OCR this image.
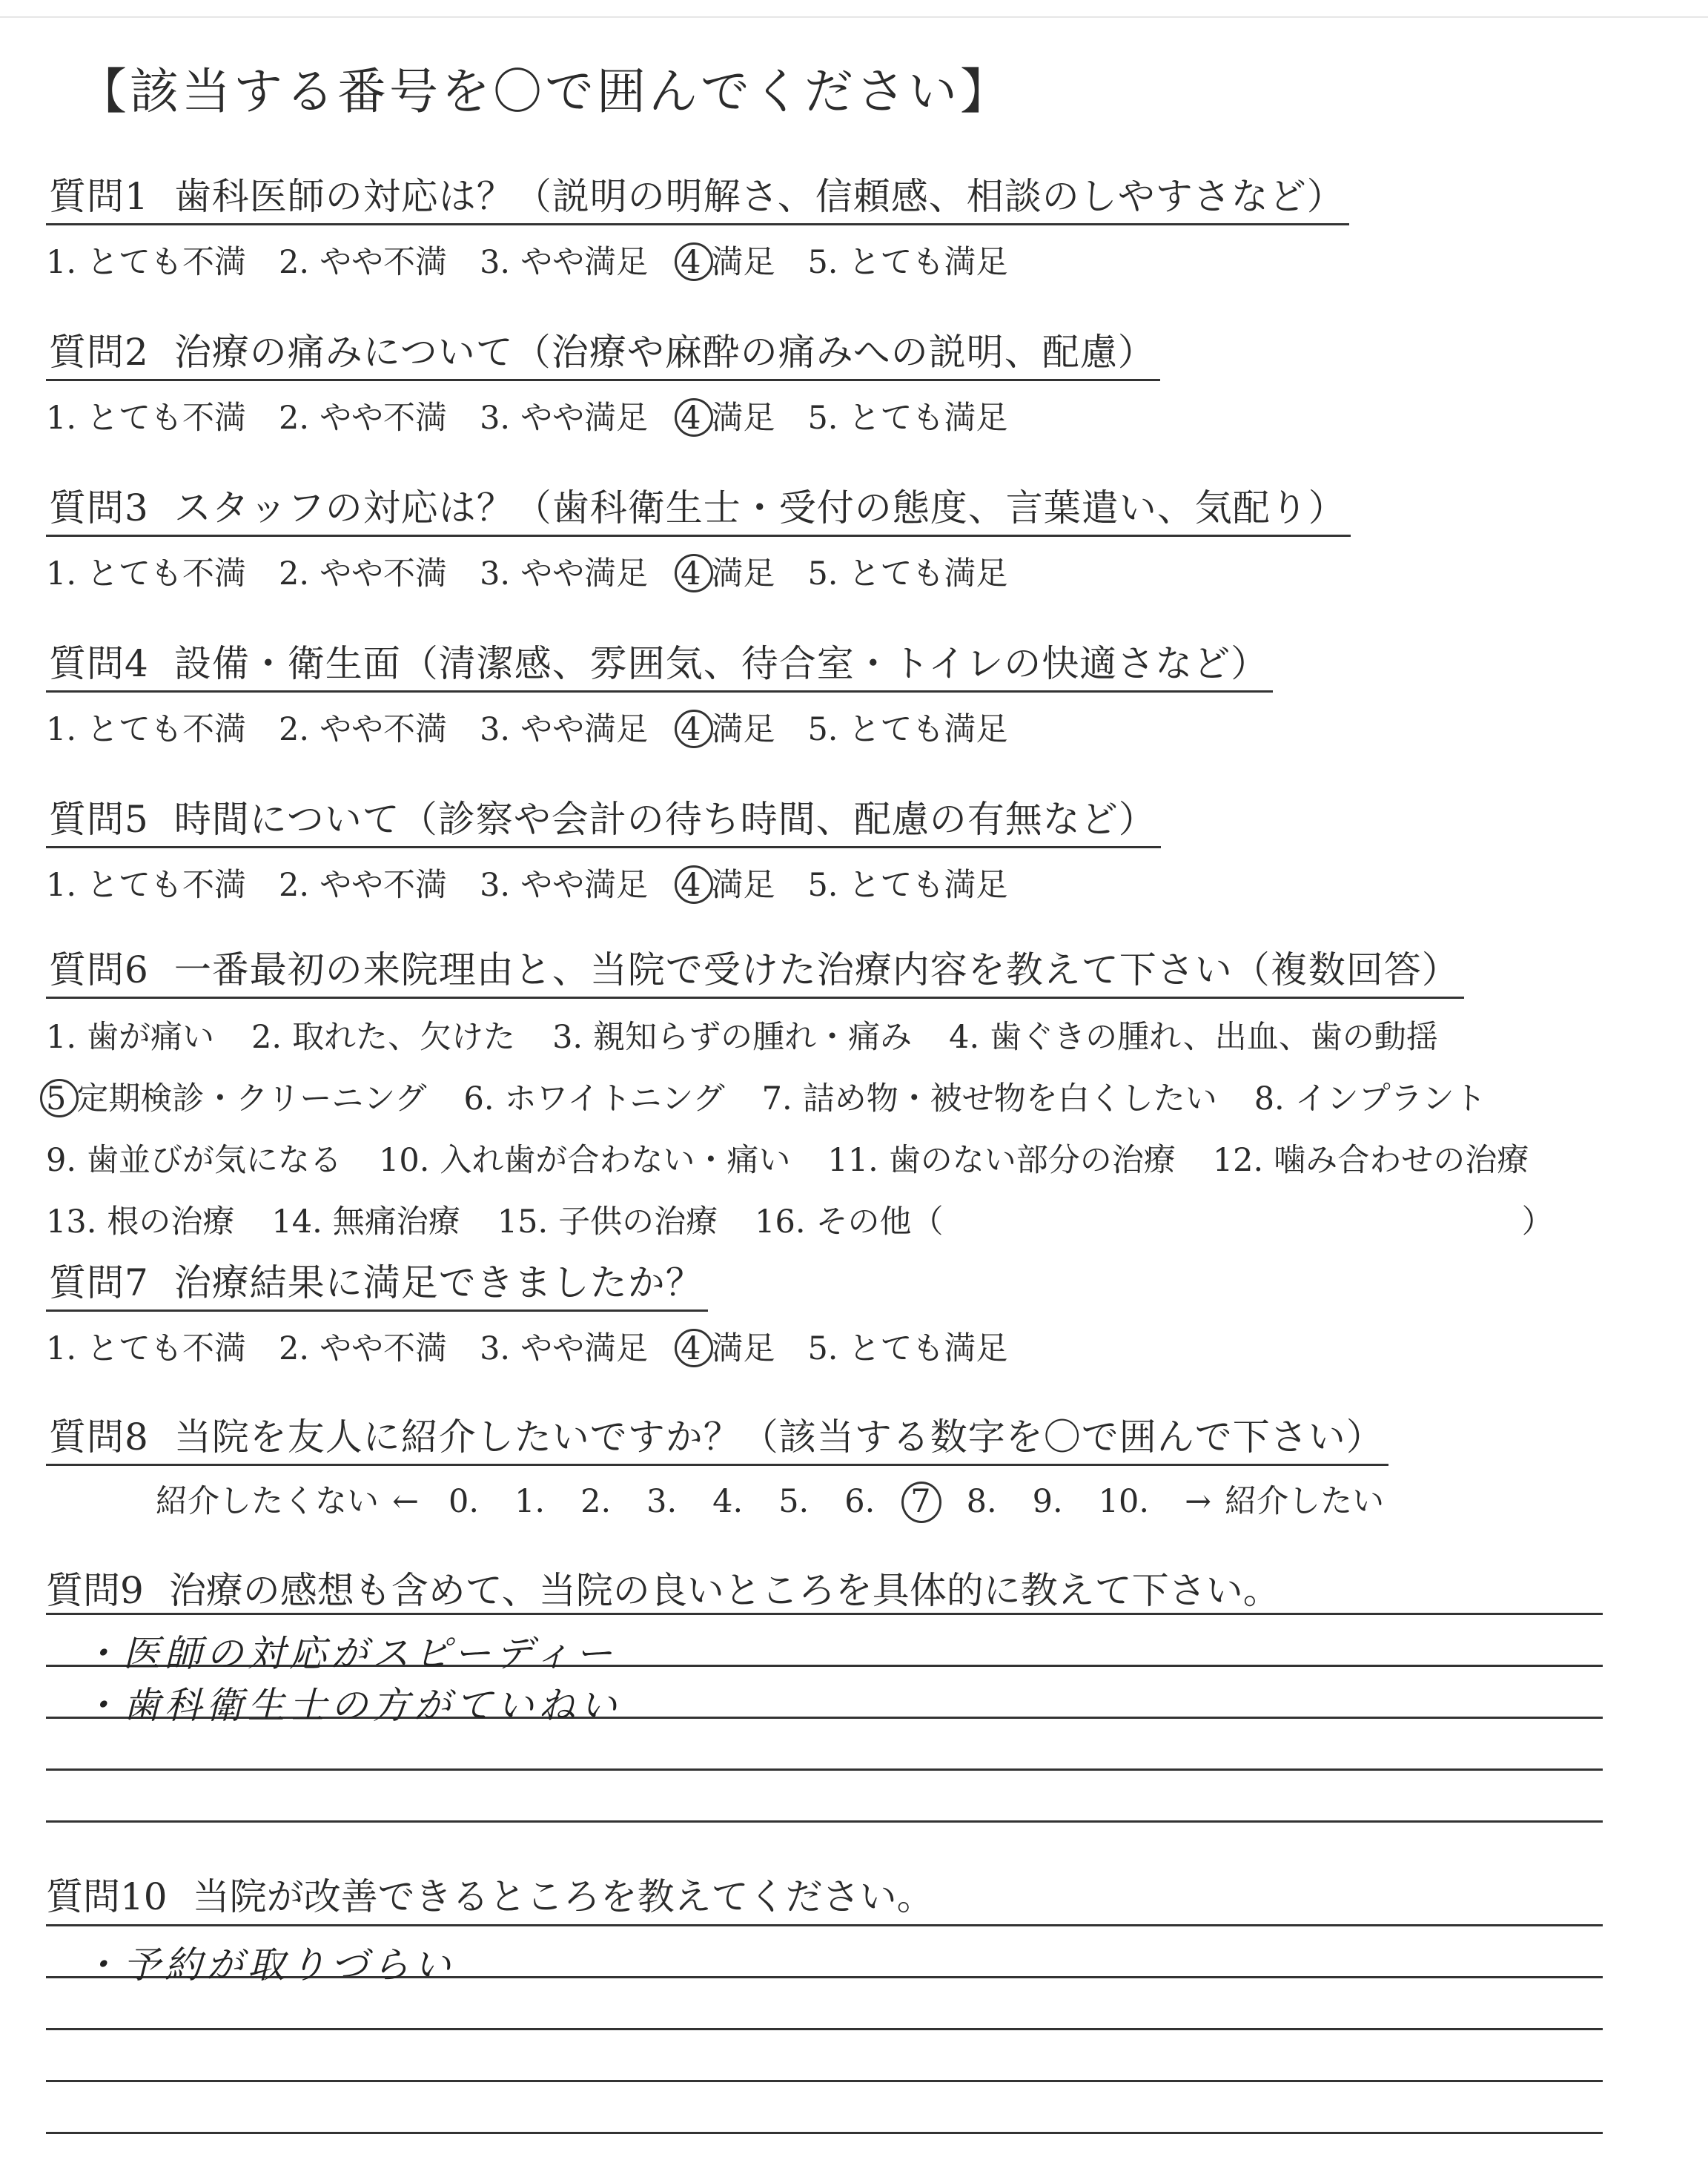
【該当する番号を〇で囲んでください】
質問1 歯科医師の対応は？（説明の明解さ、信頼感、相談のしやすさなど）
1. とても不満 2. やや不満 3. やや満足 4 満足 5. とても満足
質問2 治療の痛みについて（治療や麻酔の痛みへの説明、配慮）
1. とても不満 2. やや不満 3. やや満足 4 満足 5. とても満足
質問3 スタッフの対応は？（歯科衛生士・受付の態度、言葉遣い、気配り）
1. とても不満 2. やや不満 3. やや満足 4 満足 5. とても満足
質問4 設備・衛生面（清潔感、雰囲気、待合室・トイレの快適さなど）
1. とても不満 2. やや不満 3. やや満足 4 満足 5. とても満足
質問5 時間について（診察や会計の待ち時間、配慮の有無など）
1. とても不満 2. やや不満 3. やや満足 4 満足 5. とても満足
質問6 一番最初の来院理由と、当院で受けた治療内容を教えて下さい（複数回答）
1. 歯が痛い 2. 取れた、欠けた 3. 親知らずの腫れ・痛み 4. 歯ぐきの腫れ、出血、歯の動揺
5 定期検診・クリーニング 6. ホワイトニング 7. 詰め物・被せ物を白くしたい 8. インプラント
9. 歯並びが気になる 10. 入れ歯が合わない・痛い 11. 歯のない部分の治療 12. 噛み合わせの治療
13. 根の治療 14. 無痛治療 15. 子供の治療 16. その他（	）
質問7 治療結果に満足できましたか？
1. とても不満 2. やや不満 3. やや満足 4 満足 5. とても満足
質問8 当院を友人に紹介したいですか？（該当する数字を〇で囲んで下さい）
紹介したくない ← 0. 1. 2. 3. 4. 5. 6. 7 8. 9. 10. → 紹介したい
質問9 治療の感想も含めて、当院の良いところを具体的に教えて下さい。
・医師の対応がスピーディー
・歯科衛生士の方がていねい
質問10 当院が改善できるところを教えてください。
・予約が取りづらい
